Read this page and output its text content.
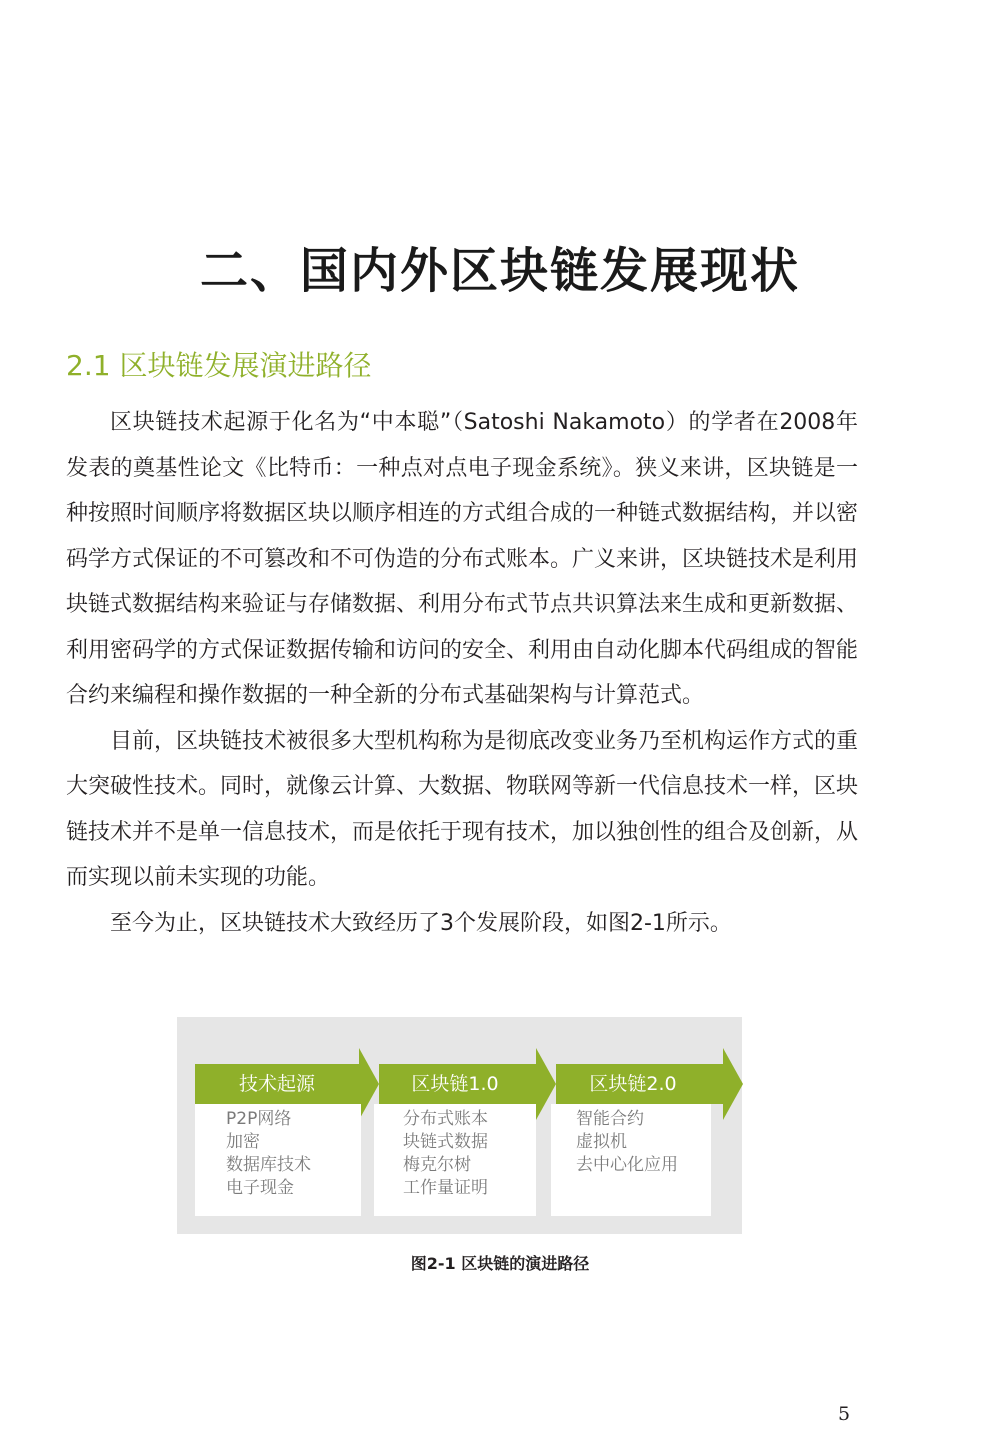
二、国内外区块链发展现状
2.1 区块链发展演进路径

区块链技术起源于化名为“中本聪”（Satoshi Nakamoto）的学者在2008年发表的奠基性论文《比特币：一种点对点电子现金系统》。狭义来讲，区块链是一种按照时间顺序将数据区块以顺序相连的方式组合成的一种链式数据结构，并以密码学方式保证的不可篡改和不可伪造的分布式账本。广义来讲，区块链技术是利用块链式数据结构来验证与存储数据、利用分布式节点共识算法来生成和更新数据、利用密码学的方式保证数据传输和访问的安全、利用由自动化脚本代码组成的智能合约来编程和操作数据的一种全新的分布式基础架构与计算范式。

目前，区块链技术被很多大型机构称为是彻底改变业务乃至机构运作方式的重大突破性技术。同时，就像云计算、大数据、物联网等新一代信息技术一样，区块链技术并不是单一信息技术，而是依托于现有技术，加以独创性的组合及创新，从而实现以前未实现的功能。

至今为止，区块链技术大致经历了3个发展阶段，如图2-1所示。

技术起源	区块链1.0	区块链2.0
P2P网络
加密
数据库技术
电子现金
分布式账本
块链式数据
梅克尔树
工作量证明
智能合约
虚拟机
去中心化应用

图2-1 区块链的演进路径

5
